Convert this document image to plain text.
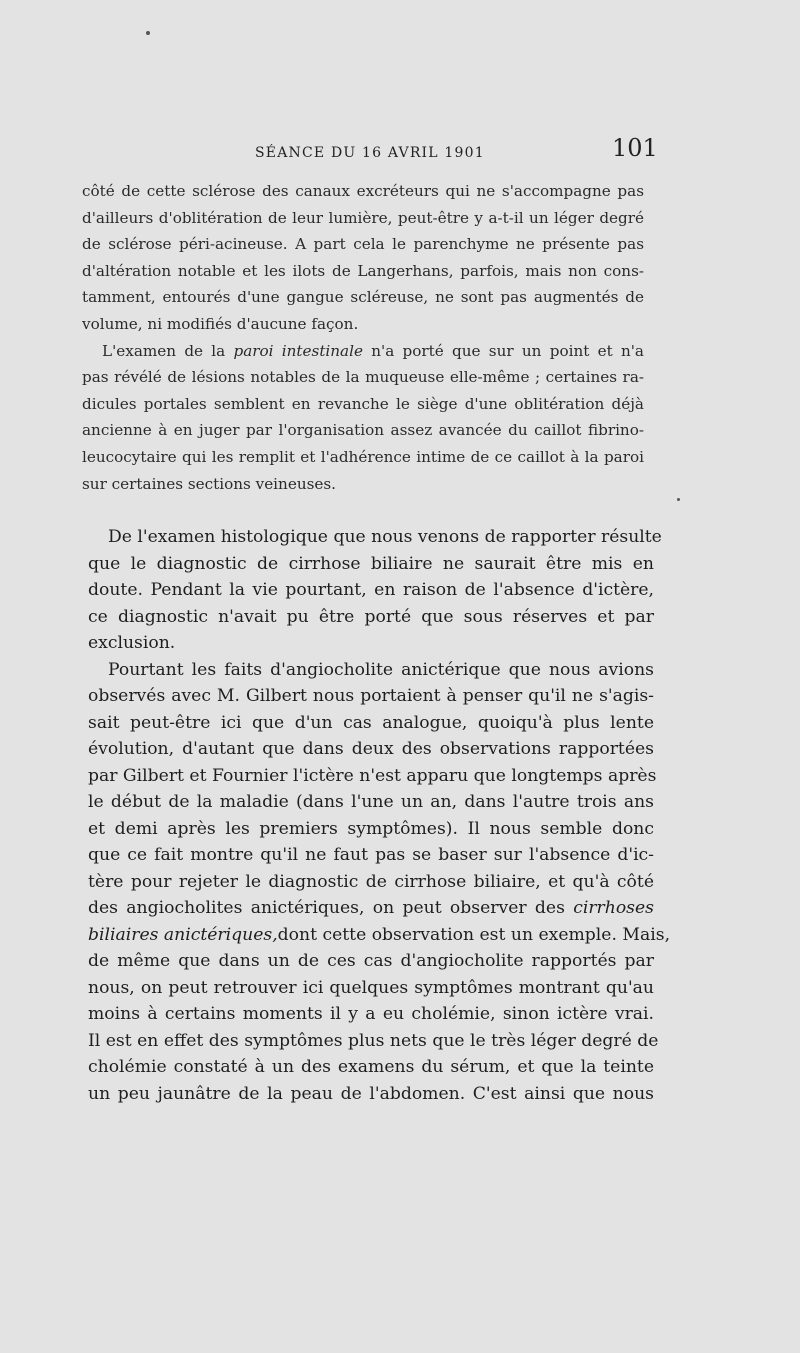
SÉANCE DU 16 AVRIL 1901	101
côté de cette sclérose des canaux excréteurs qui ne s'accompagne pas
d'ailleurs d'oblitération de leur lumière, peut-être y a-t-il un léger degré
de sclérose péri-acineuse. A part cela le parenchyme ne présente pas
d'altération notable et les ilots de Langerhans, parfois, mais non cons-
tamment, entourés d'une gangue scléreuse, ne sont pas augmentés de
volume, ni modifiés d'aucune façon.
L'examen de la paroi intestinale n'a porté que sur un point et n'a
pas révélé de lésions notables de la muqueuse elle-même ; certaines ra-
dicules portales semblent en revanche le siège d'une oblitération déjà
ancienne à en juger par l'organisation assez avancée du caillot fibrino-
leucocytaire qui les remplit et l'adhérence intime de ce caillot à la paroi
sur certaines sections veineuses.
De l'examen histologique que nous venons de rapporter résulte
que le diagnostic de cirrhose biliaire ne saurait être mis en
doute. Pendant la vie pourtant, en raison de l'absence d'ictère,
ce diagnostic n'avait pu être porté que sous réserves et par
exclusion.
Pourtant les faits d'angiocholite anictérique que nous avions
observés avec M. Gilbert nous portaient à penser qu'il ne s'agis-
sait peut-être ici que d'un cas analogue, quoiqu'à plus lente
évolution, d'autant que dans deux des observations rapportées
par Gilbert et Fournier l'ictère n'est apparu que longtemps après
le début de la maladie (dans l'une un an, dans l'autre trois ans
et demi après les premiers symptômes). Il nous semble donc
que ce fait montre qu'il ne faut pas se baser sur l'absence d'ic-
tère pour rejeter le diagnostic de cirrhose biliaire, et qu'à côté
des angiocholites anictériques, on peut observer des cirrhoses
biliaires anictériques,dont cette observation est un exemple. Mais,
de même que dans un de ces cas d'angiocholite rapportés par
nous, on peut retrouver ici quelques symptômes montrant qu'au
moins à certains moments il y a eu cholémie, sinon ictère vrai.
Il est en effet des symptômes plus nets que le très léger degré de
cholémie constaté à un des examens du sérum, et que la teinte
un peu jaunâtre de la peau de l'abdomen. C'est ainsi que nous
